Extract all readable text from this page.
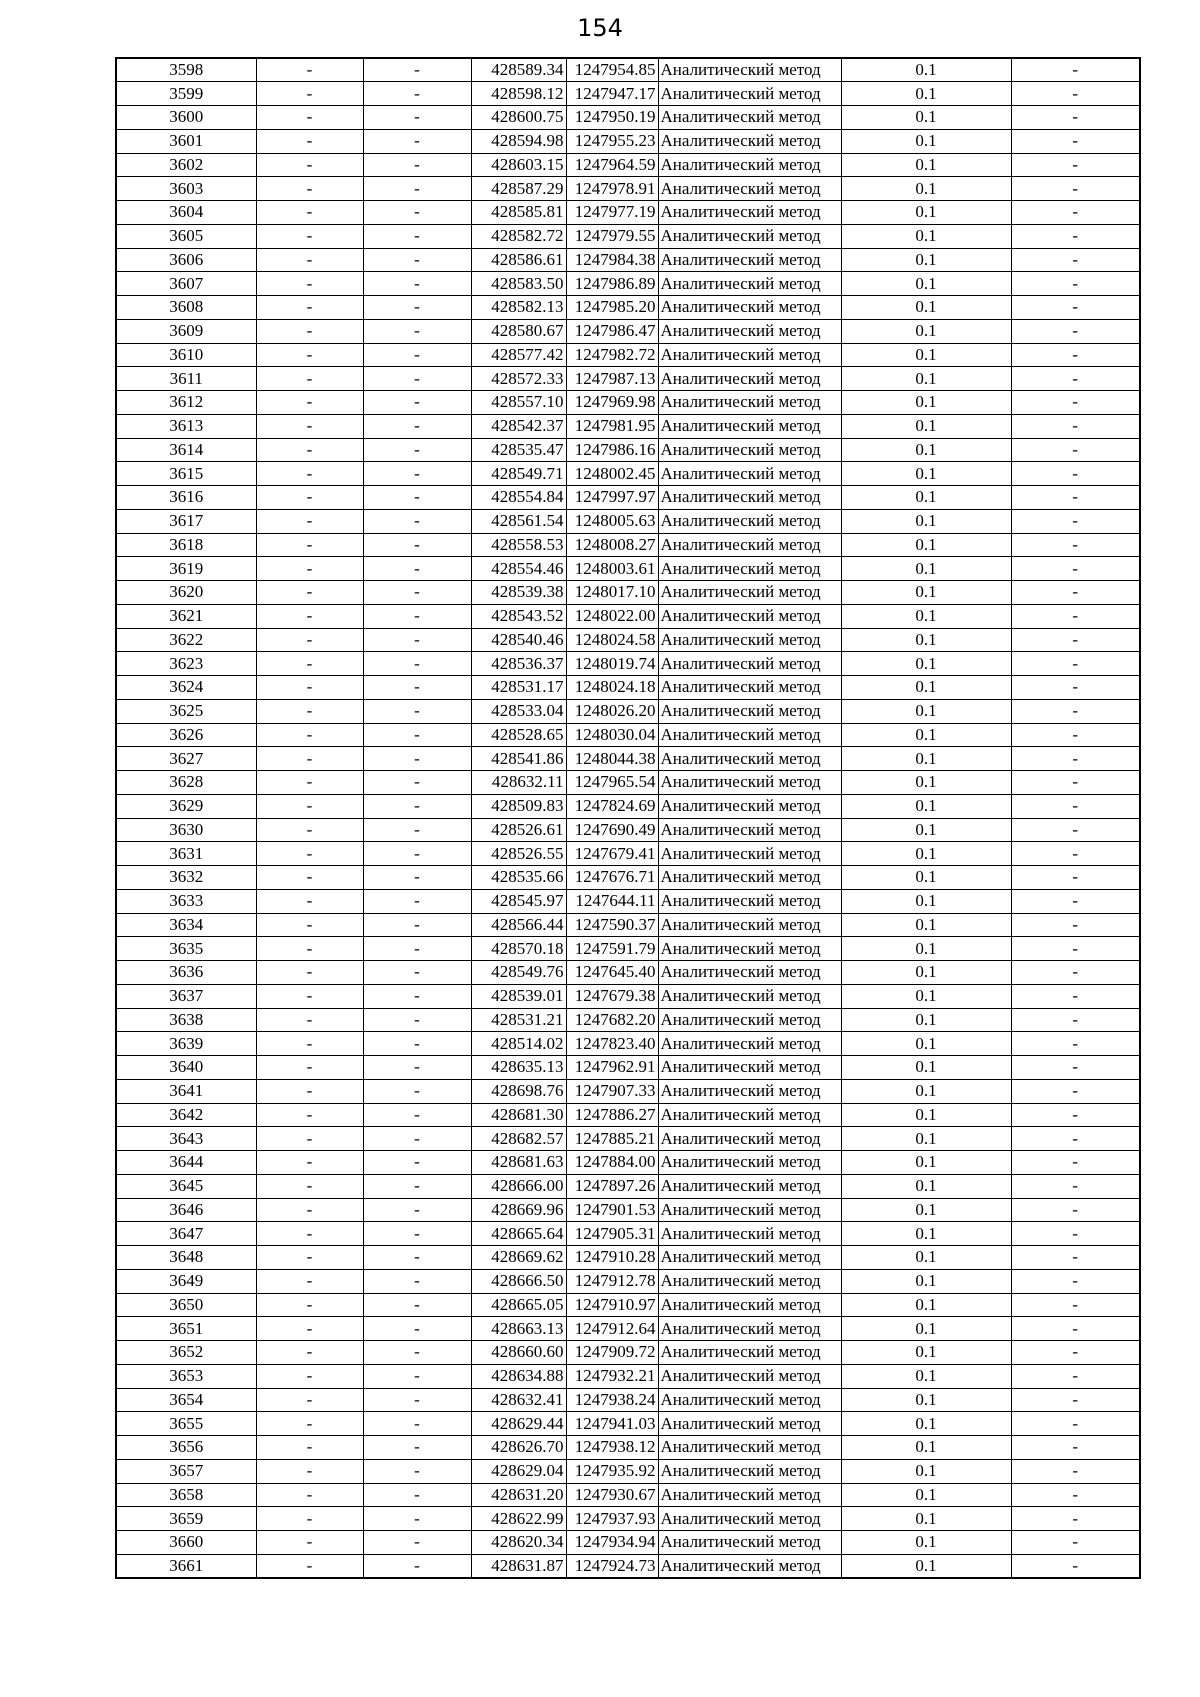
154
3598	-	-	428589.34	1247954.85	Аналитический метод	0.1	-
3599	-	-	428598.12	1247947.17	Аналитический метод	0.1	-
3600	-	-	428600.75	1247950.19	Аналитический метод	0.1	-
3601	-	-	428594.98	1247955.23	Аналитический метод	0.1	-
3602	-	-	428603.15	1247964.59	Аналитический метод	0.1	-
3603	-	-	428587.29	1247978.91	Аналитический метод	0.1	-
3604	-	-	428585.81	1247977.19	Аналитический метод	0.1	-
3605	-	-	428582.72	1247979.55	Аналитический метод	0.1	-
3606	-	-	428586.61	1247984.38	Аналитический метод	0.1	-
3607	-	-	428583.50	1247986.89	Аналитический метод	0.1	-
3608	-	-	428582.13	1247985.20	Аналитический метод	0.1	-
3609	-	-	428580.67	1247986.47	Аналитический метод	0.1	-
3610	-	-	428577.42	1247982.72	Аналитический метод	0.1	-
3611	-	-	428572.33	1247987.13	Аналитический метод	0.1	-
3612	-	-	428557.10	1247969.98	Аналитический метод	0.1	-
3613	-	-	428542.37	1247981.95	Аналитический метод	0.1	-
3614	-	-	428535.47	1247986.16	Аналитический метод	0.1	-
3615	-	-	428549.71	1248002.45	Аналитический метод	0.1	-
3616	-	-	428554.84	1247997.97	Аналитический метод	0.1	-
3617	-	-	428561.54	1248005.63	Аналитический метод	0.1	-
3618	-	-	428558.53	1248008.27	Аналитический метод	0.1	-
3619	-	-	428554.46	1248003.61	Аналитический метод	0.1	-
3620	-	-	428539.38	1248017.10	Аналитический метод	0.1	-
3621	-	-	428543.52	1248022.00	Аналитический метод	0.1	-
3622	-	-	428540.46	1248024.58	Аналитический метод	0.1	-
3623	-	-	428536.37	1248019.74	Аналитический метод	0.1	-
3624	-	-	428531.17	1248024.18	Аналитический метод	0.1	-
3625	-	-	428533.04	1248026.20	Аналитический метод	0.1	-
3626	-	-	428528.65	1248030.04	Аналитический метод	0.1	-
3627	-	-	428541.86	1248044.38	Аналитический метод	0.1	-
3628	-	-	428632.11	1247965.54	Аналитический метод	0.1	-
3629	-	-	428509.83	1247824.69	Аналитический метод	0.1	-
3630	-	-	428526.61	1247690.49	Аналитический метод	0.1	-
3631	-	-	428526.55	1247679.41	Аналитический метод	0.1	-
3632	-	-	428535.66	1247676.71	Аналитический метод	0.1	-
3633	-	-	428545.97	1247644.11	Аналитический метод	0.1	-
3634	-	-	428566.44	1247590.37	Аналитический метод	0.1	-
3635	-	-	428570.18	1247591.79	Аналитический метод	0.1	-
3636	-	-	428549.76	1247645.40	Аналитический метод	0.1	-
3637	-	-	428539.01	1247679.38	Аналитический метод	0.1	-
3638	-	-	428531.21	1247682.20	Аналитический метод	0.1	-
3639	-	-	428514.02	1247823.40	Аналитический метод	0.1	-
3640	-	-	428635.13	1247962.91	Аналитический метод	0.1	-
3641	-	-	428698.76	1247907.33	Аналитический метод	0.1	-
3642	-	-	428681.30	1247886.27	Аналитический метод	0.1	-
3643	-	-	428682.57	1247885.21	Аналитический метод	0.1	-
3644	-	-	428681.63	1247884.00	Аналитический метод	0.1	-
3645	-	-	428666.00	1247897.26	Аналитический метод	0.1	-
3646	-	-	428669.96	1247901.53	Аналитический метод	0.1	-
3647	-	-	428665.64	1247905.31	Аналитический метод	0.1	-
3648	-	-	428669.62	1247910.28	Аналитический метод	0.1	-
3649	-	-	428666.50	1247912.78	Аналитический метод	0.1	-
3650	-	-	428665.05	1247910.97	Аналитический метод	0.1	-
3651	-	-	428663.13	1247912.64	Аналитический метод	0.1	-
3652	-	-	428660.60	1247909.72	Аналитический метод	0.1	-
3653	-	-	428634.88	1247932.21	Аналитический метод	0.1	-
3654	-	-	428632.41	1247938.24	Аналитический метод	0.1	-
3655	-	-	428629.44	1247941.03	Аналитический метод	0.1	-
3656	-	-	428626.70	1247938.12	Аналитический метод	0.1	-
3657	-	-	428629.04	1247935.92	Аналитический метод	0.1	-
3658	-	-	428631.20	1247930.67	Аналитический метод	0.1	-
3659	-	-	428622.99	1247937.93	Аналитический метод	0.1	-
3660	-	-	428620.34	1247934.94	Аналитический метод	0.1	-
3661	-	-	428631.87	1247924.73	Аналитический метод	0.1	-
